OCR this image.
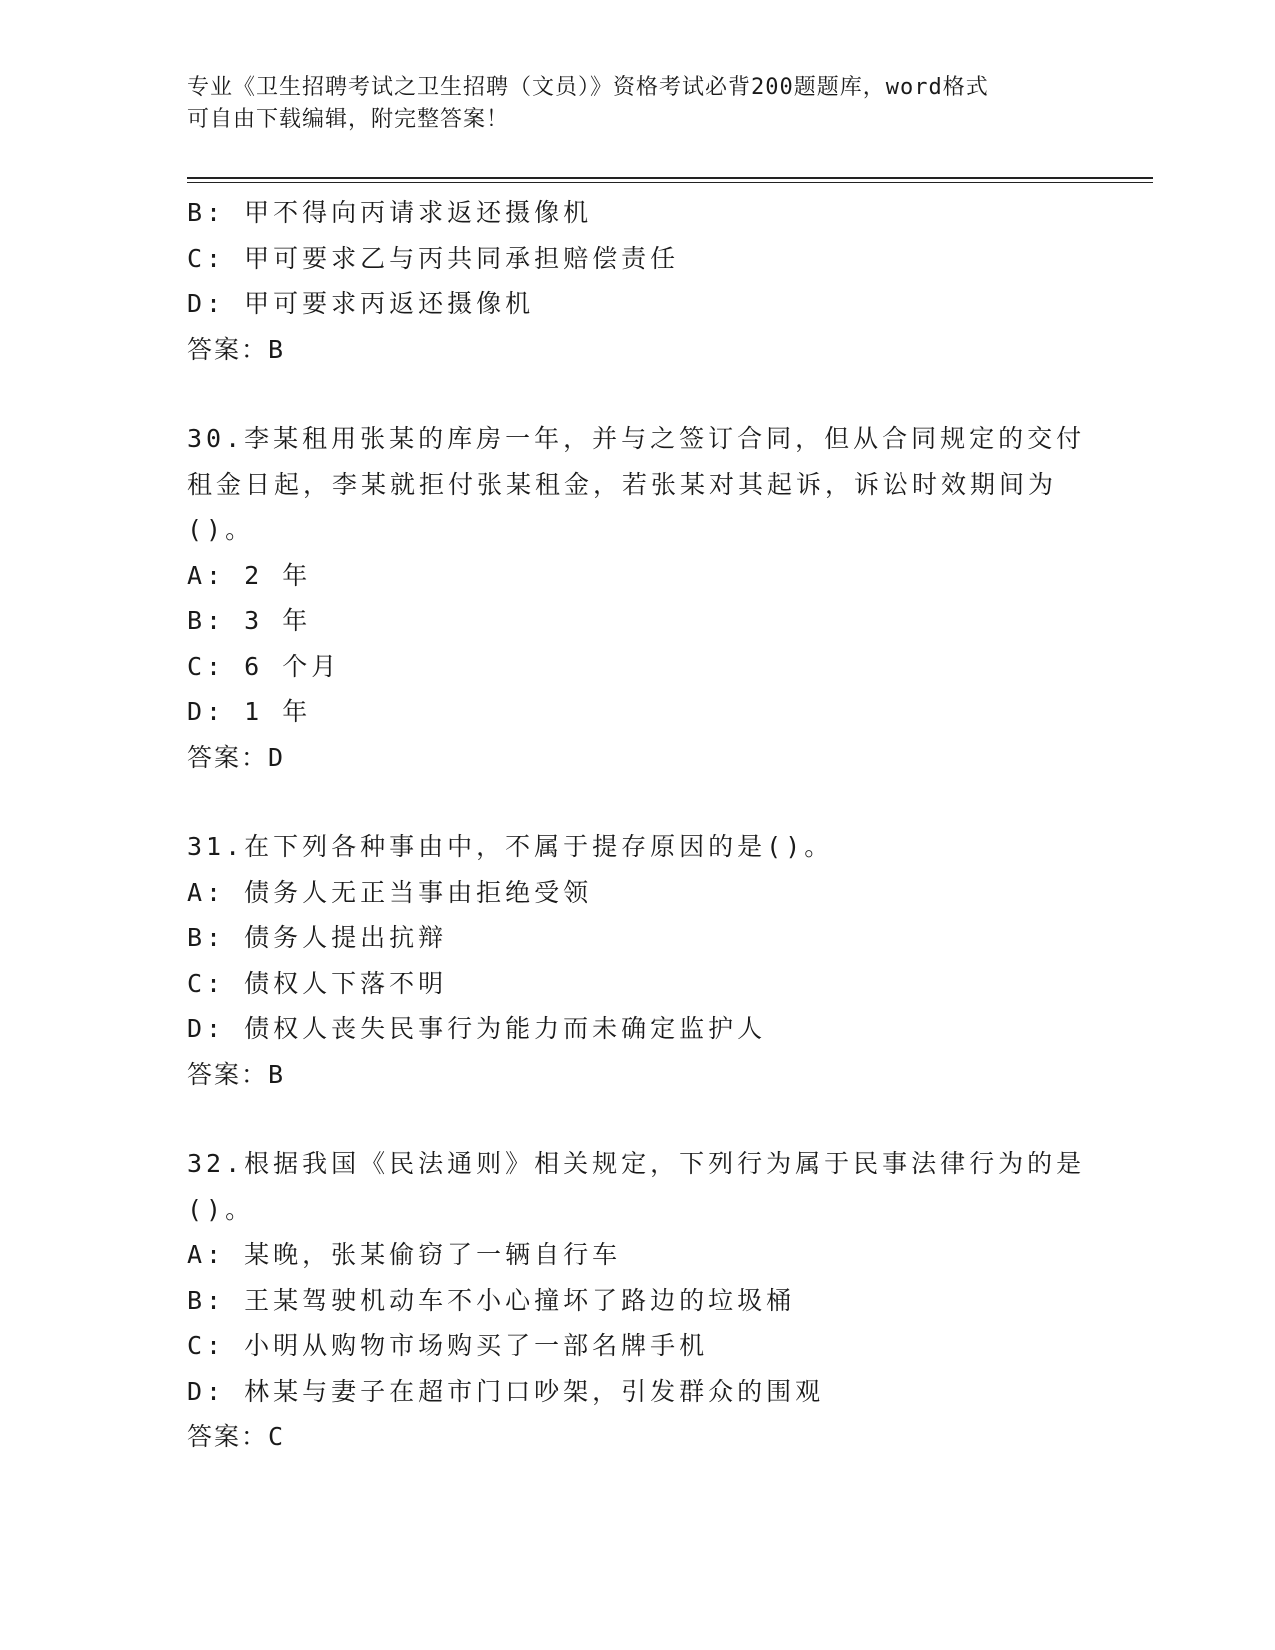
专业《卫生招聘考试之卫生招聘（文员）》资格考试必背200题题库，word格式
可自由下载编辑，附完整答案！
B: 甲不得向丙请求返还摄像机
C: 甲可要求乙与丙共同承担赔偿责任
D: 甲可要求丙返还摄像机
答案：B
30.李某租用张某的库房一年，并与之签订合同，但从合同规定的交付
租金日起，李某就拒付张某租金，若张某对其起诉，诉讼时效期间为
()。
A: 2 年
B: 3 年
C: 6 个月
D: 1 年
答案：D
31.在下列各种事由中，不属于提存原因的是()。
A: 债务人无正当事由拒绝受领
B: 债务人提出抗辩
C: 债权人下落不明
D: 债权人丧失民事行为能力而未确定监护人
答案：B
32.根据我国《民法通则》相关规定，下列行为属于民事法律行为的是
()。
A: 某晚，张某偷窃了一辆自行车
B: 王某驾驶机动车不小心撞坏了路边的垃圾桶
C: 小明从购物市场购买了一部名牌手机
D: 林某与妻子在超市门口吵架，引发群众的围观
答案：C
